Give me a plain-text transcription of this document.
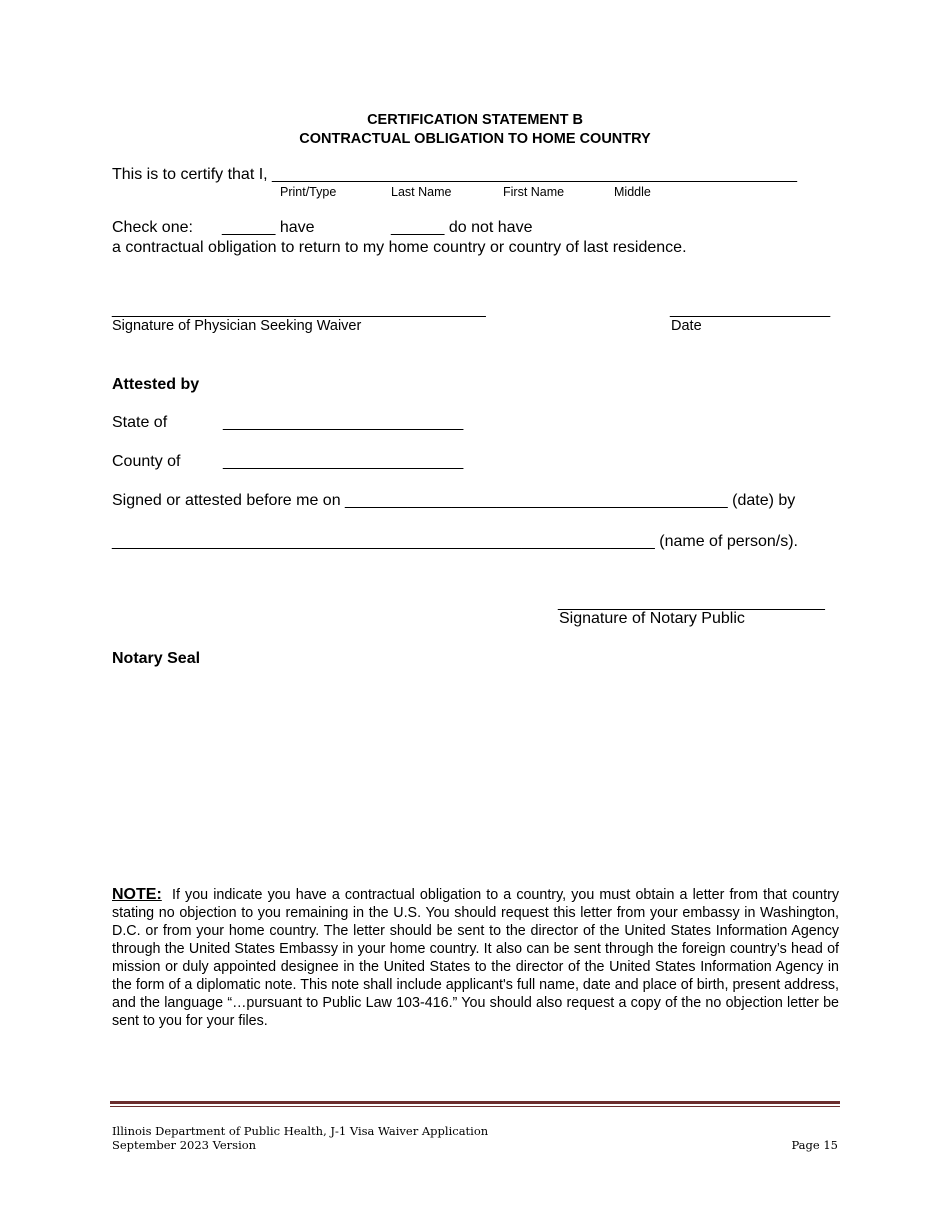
CERTIFICATION STATEMENT B
CONTRACTUAL OBLIGATION TO HOME COUNTRY
This is to certify that I, ___________________________________________________________
Print/Type	Last Name	First Name	Middle
Check one: ______ have	______ do not have
a contractual obligation to return to my home country or country of last residence.
__________________________________________
Signature of Physician Seeking Waiver
__________________
Date
Attested by
State of	___________________________
County of	___________________________
Signed or attested before me on ___________________________________________ (date) by
_____________________________________________________________ (name of person/s).
______________________________
Signature of Notary Public
Notary Seal
NOTE: If you indicate you have a contractual obligation to a country, you must obtain a letter from that country stating no objection to you remaining in the U.S. You should request this letter from your embassy in Washington, D.C. or from your home country. The letter should be sent to the director of the United States Information Agency through the United States Embassy in your home country. It also can be sent through the foreign country’s head of mission or duly appointed designee in the United States to the director of the United States Information Agency in the form of a diplomatic note. This note shall include applicant's full name, date and place of birth, present address, and the language “…pursuant to Public Law 103-416.” You should also request a copy of the no objection letter be sent to you for your files.
Illinois Department of Public Health, J-1 Visa Waiver Application
September 2023 Version	Page 15
